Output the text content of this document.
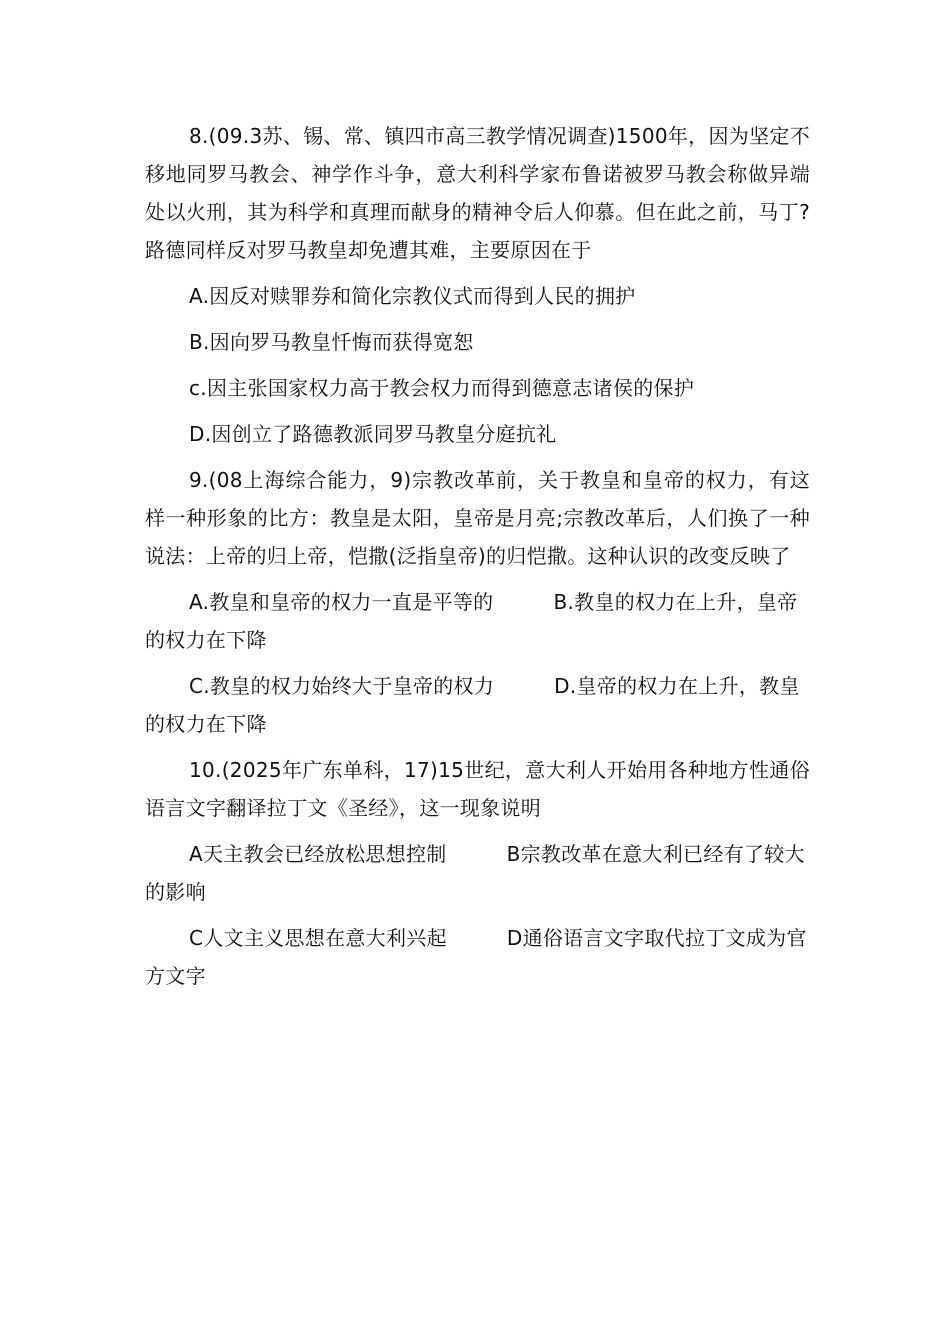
8.(09.3苏、锡、常、镇四市高三教学情况调查)1500年，因为坚定不移地同罗马教会、神学作斗争，意大利科学家布鲁诺被罗马教会称做异端处以火刑，其为科学和真理而献身的精神令后人仰慕。但在此之前，马丁?路德同样反对罗马教皇却免遭其难，主要原因在于

A.因反对赎罪券和简化宗教仪式而得到人民的拥护

B.因向罗马教皇忏悔而获得宽恕

c.因主张国家权力高于教会权力而得到德意志诸侯的保护

D.因创立了路德教派同罗马教皇分庭抗礼

9.(08上海综合能力，9)宗教改革前，关于教皇和皇帝的权力，有这样一种形象的比方：教皇是太阳，皇帝是月亮;宗教改革后，人们换了一种说法：上帝的归上帝，恺撒(泛指皇帝)的归恺撒。这种认识的改变反映了

A.教皇和皇帝的权力一直是平等的	B.教皇的权力在上升，皇帝的权力在下降

C.教皇的权力始终大于皇帝的权力	D.皇帝的权力在上升，教皇的权力在下降

10.(2025年广东单科，17)15世纪，意大利人开始用各种地方性通俗语言文字翻译拉丁文《圣经》，这一现象说明

A天主教会已经放松思想控制	B宗教改革在意大利已经有了较大的影响

C人文主义思想在意大利兴起	D通俗语言文字取代拉丁文成为官方文字
